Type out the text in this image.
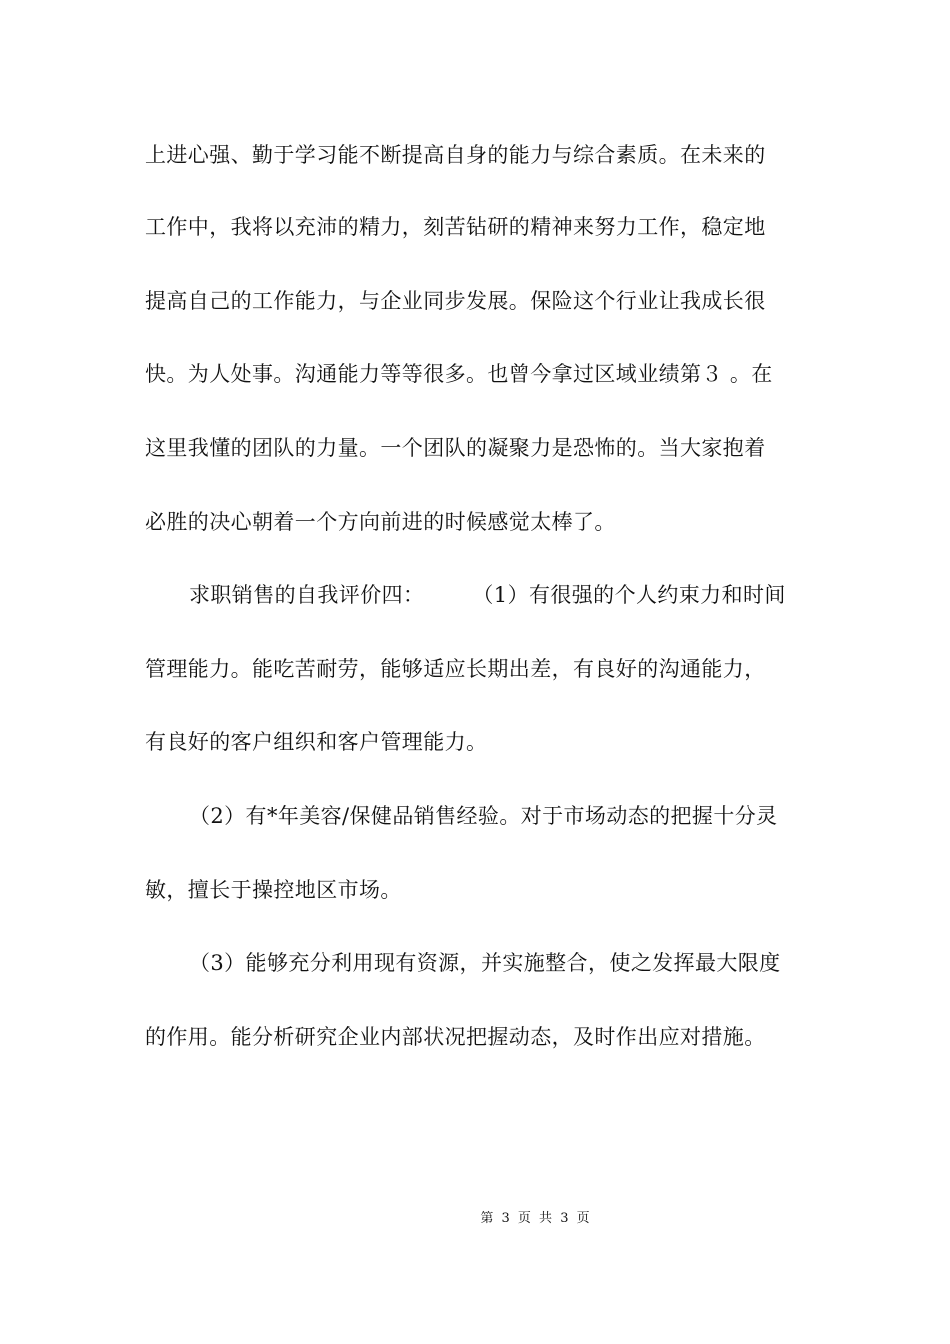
上进心强、勤于学习能不断提高自身的能力与综合素质。在未来的
工作中，我将以充沛的精力，刻苦钻研的精神来努力工作，稳定地
提高自己的工作能力，与企业同步发展。保险这个行业让我成长很
快。为人处事。沟通能力等等很多。也曾今拿过区域业绩第３ 。在
这里我懂的团队的力量。一个团队的凝聚力是恐怖的。当大家抱着
必胜的决心朝着一个方向前进的时候感觉太棒了。
求职销售的自我评价四： （1）有很强的个人约束力和时间
管理能力。能吃苦耐劳，能够适应长期出差，有良好的沟通能力，
有良好的客户组织和客户管理能力。
（2）有*年美容/保健品销售经验。对于市场动态的把握十分灵
敏，擅长于操控地区市场。
（3）能够充分利用现有资源，并实施整合，使之发挥最大限度
的作用。能分析研究企业内部状况把握动态，及时作出应对措施。
第 3 页 共 3 页
